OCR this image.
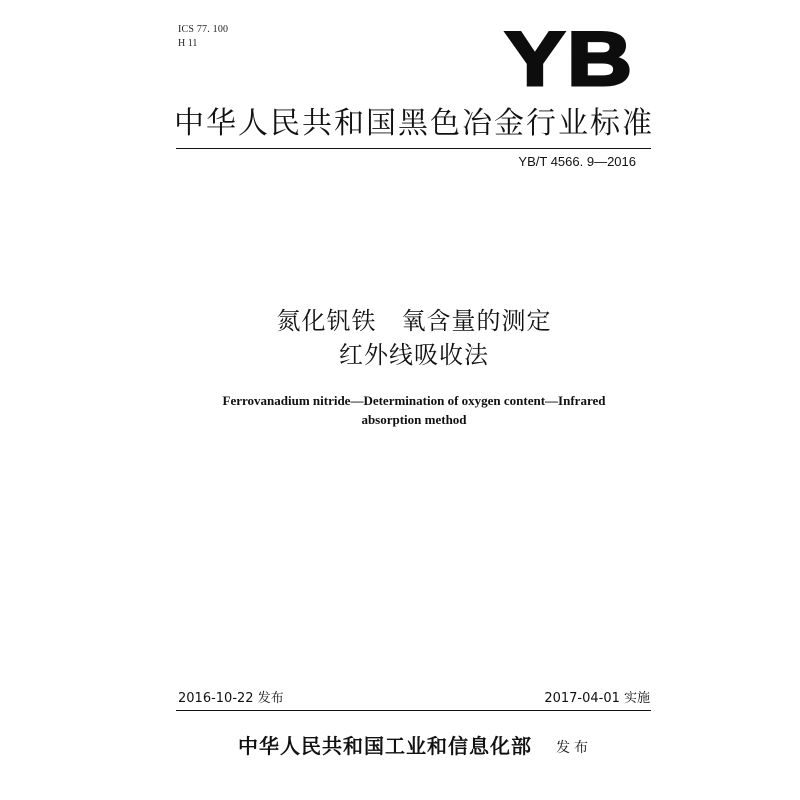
ICS 77. 100
H 11	YB
中华人民共和国黑色冶金行业标准
YB/T 4566. 9—2016
氮化钒铁　氧含量的测定
红外线吸收法
Ferrovanadium nitride—Determination of oxygen content—Infrared
absorption method
2016-10-22 发布	2017-04-01 实施
中华人民共和国工业和信息化部 发布
